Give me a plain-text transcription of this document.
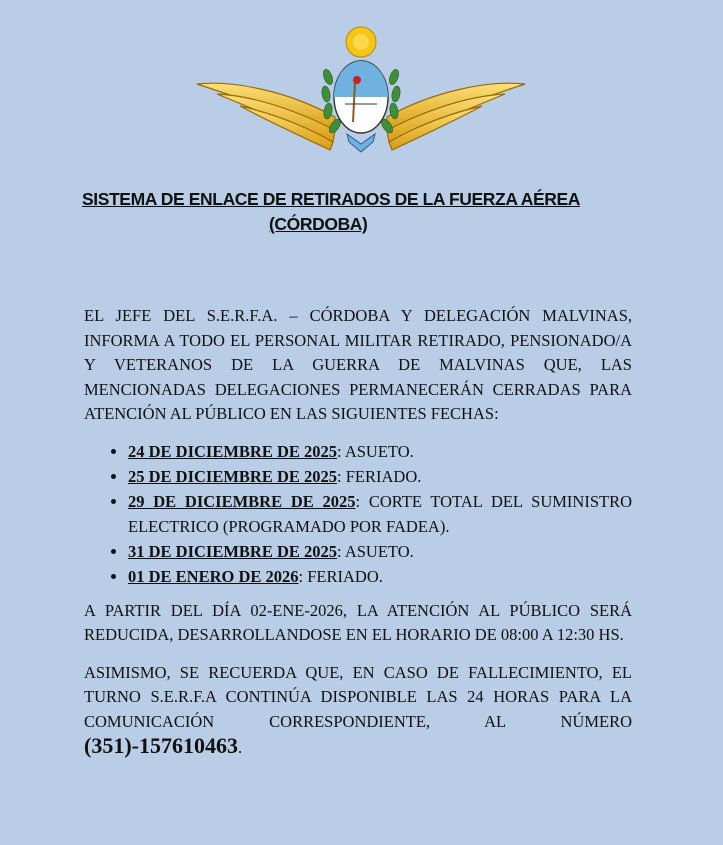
SISTEMA DE ENLACE DE RETIRADOS DE LA FUERZA AÉREA
(CÓRDOBA)

EL JEFE DEL S.E.R.F.A. – CÓRDOBA Y DELEGACIÓN MALVINAS, INFORMA A TODO EL PERSONAL MILITAR RETIRADO, PENSIONADO/A Y VETERANOS DE LA GUERRA DE MALVINAS QUE, LAS MENCIONADAS DELEGACIONES PERMANECERÁN CERRADAS PARA ATENCIÓN AL PÚBLICO EN LAS SIGUIENTES FECHAS:

• 24 DE DICIEMBRE DE 2025: ASUETO.
• 25 DE DICIEMBRE DE 2025: FERIADO.
• 29 DE DICIEMBRE DE 2025: CORTE TOTAL DEL SUMINISTRO ELECTRICO (PROGRAMADO POR FADEA).
• 31 DE DICIEMBRE DE 2025: ASUETO.
• 01 DE ENERO DE 2026: FERIADO.

A PARTIR DEL DÍA 02-ENE-2026, LA ATENCIÓN AL PÚBLICO SERÁ REDUCIDA, DESARROLLANDOSE EN EL HORARIO DE 08:00 A 12:30 HS.

ASIMISMO, SE RECUERDA QUE, EN CASO DE FALLECIMIENTO, EL TURNO S.E.R.F.A CONTINÚA DISPONIBLE LAS 24 HORAS PARA LA COMUNICACIÓN CORRESPONDIENTE, AL NÚMERO (351)-157610463.
